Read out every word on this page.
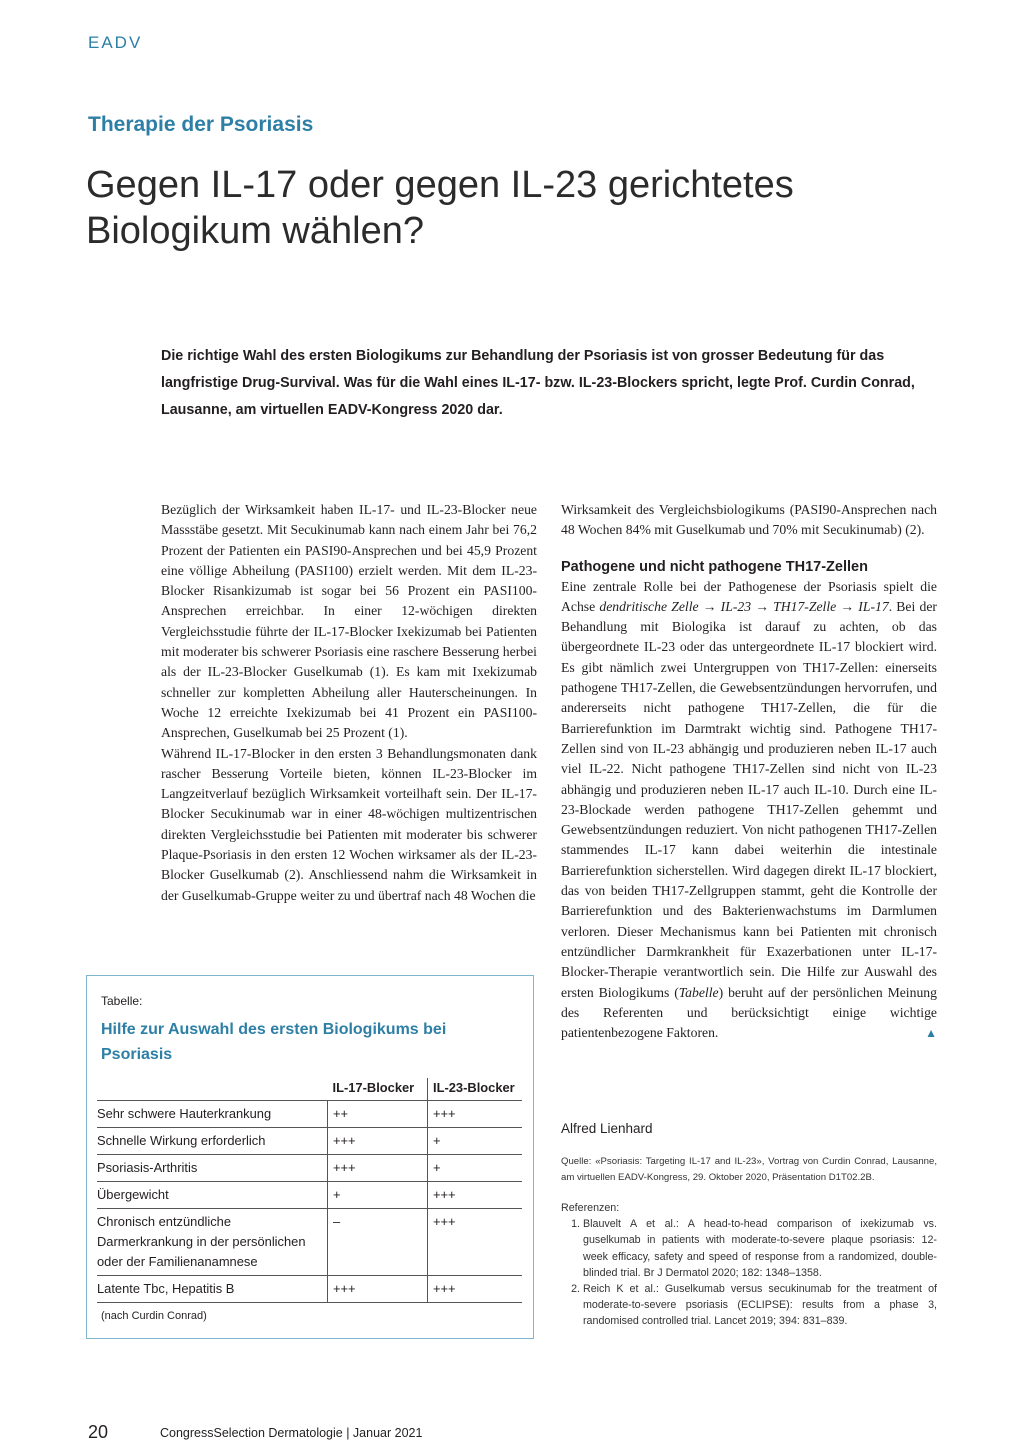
EADV
Therapie der Psoriasis
Gegen IL-17 oder gegen IL-23 gerichtetes
Biologikum wählen?

Die richtige Wahl des ersten Biologikums zur Behandlung der Psoriasis ist von grosser Bedeutung für das langfristige Drug-Survival. Was für die Wahl eines IL-17- bzw. IL-23-Blockers spricht, legte Prof. Curdin Conrad, Lausanne, am virtuellen EADV-Kongress 2020 dar.

Bezüglich der Wirksamkeit haben IL-17- und IL-23-Blocker neue Massstäbe gesetzt. Mit Secukinumab kann nach einem Jahr bei 76,2 Prozent der Patienten ein PASI90-Ansprechen und bei 45,9 Prozent eine völlige Abheilung (PASI100) erzielt werden. Mit dem IL-23-Blocker Risankizumab ist sogar bei 56 Prozent ein PASI100-Ansprechen erreichbar. In einer 12-wöchigen direkten Vergleichsstudie führte der IL-17-Blocker Ixekizumab bei Patienten mit moderater bis schwerer Psoriasis eine raschere Besserung herbei als der IL-23-Blocker Guselkumab (1). Es kam mit Ixekizumab schneller zur kompletten Abheilung aller Hauterscheinungen. In Woche 12 erreichte Ixekizumab bei 41 Prozent ein PASI100-Ansprechen, Guselkumab bei 25 Prozent (1).

Während IL-17-Blocker in den ersten 3 Behandlungsmonaten dank rascher Besserung Vorteile bieten, können IL-23-Blocker im Langzeitverlauf bezüglich Wirksamkeit vorteilhaft sein. Der IL-17-Blocker Secukinumab war in einer 48-wöchigen multizentrischen direkten Vergleichsstudie bei Patienten mit moderater bis schwerer Plaque-Psoriasis in den ersten 12 Wochen wirksamer als der IL-23-Blocker Guselkumab (2). Anschliessend nahm die Wirksamkeit in der Guselkumab-Gruppe weiter zu und übertraf nach 48 Wochen die

Wirksamkeit des Vergleichsbiologikums (PASI90-Ansprechen nach 48 Wochen 84% mit Guselkumab und 70% mit Secukinumab) (2).

Pathogene und nicht pathogene TH17-Zellen

Eine zentrale Rolle bei der Pathogenese der Psoriasis spielt die Achse dendritische Zelle → IL-23 → TH17-Zelle → IL-17. Bei der Behandlung mit Biologika ist darauf zu achten, ob das übergeordnete IL-23 oder das untergeordnete IL-17 blockiert wird. Es gibt nämlich zwei Untergruppen von TH17-Zellen: einerseits pathogene TH17-Zellen, die Gewebsentzündungen hervorrufen, und andererseits nicht pathogene TH17-Zellen, die für die Barrierefunktion im Darmtrakt wichtig sind. Pathogene TH17-Zellen sind von IL-23 abhängig und produzieren neben IL-17 auch viel IL-22. Nicht pathogene TH17-Zellen sind nicht von IL-23 abhängig und produzieren neben IL-17 auch IL-10. Durch eine IL-23-Blockade werden pathogene TH17-Zellen gehemmt und Gewebsentzündungen reduziert. Von nicht pathogenen TH17-Zellen stammendes IL-17 kann dabei weiterhin die intestinale Barrierefunktion sicherstellen. Wird dagegen direkt IL-17 blockiert, das von beiden TH17-Zellgruppen stammt, geht die Kontrolle der Barrierefunktion und des Bakterienwachstums im Darmlumen verloren. Dieser Mechanismus kann bei Patienten mit chronisch entzündlicher Darmkrankheit für Exazerbationen unter IL-17-Blocker-Therapie verantwortlich sein. Die Hilfe zur Auswahl des ersten Biologikums (Tabelle) beruht auf der persönlichen Meinung des Referenten und berücksichtigt einige wichtige patientenbezogene Faktoren.	▲

Alfred Lienhard
Quelle: «Psoriasis: Targeting IL-17 and IL-23», Vortrag von Curdin Conrad, Lausanne, am virtuellen EADV-Kongress, 29. Oktober 2020, Präsentation D1T02.2B.
Referenzen:
1. Blauvelt A et al.: A head-to-head comparison of ixekizumab vs. guselkumab in patients with moderate-to-severe plaque psoriasis: 12-week efficacy, safety and speed of response from a randomized, double-blinded trial. Br J Dermatol 2020; 182: 1348–1358.
2. Reich K et al.: Guselkumab versus secukinumab for the treatment of moderate-to-severe psoriasis (ECLIPSE): results from a phase 3, randomised controlled trial. Lancet 2019; 394: 831–839.
Tabelle:
Hilfe zur Auswahl des ersten Biologikums bei Psoriasis
	IL-17-Blocker	IL-23-Blocker
Sehr schwere Hauterkrankung	++	+++
Schnelle Wirkung erforderlich	+++	+
Psoriasis-Arthritis	+++	+
Übergewicht	+	+++
Chronisch entzündliche Darmerkrankung in der persönlichen oder der Familienanamnese	–	+++
Latente Tbc, Hepatitis B	+++	+++
(nach Curdin Conrad)
20	CongressSelection Dermatologie | Januar 2021
